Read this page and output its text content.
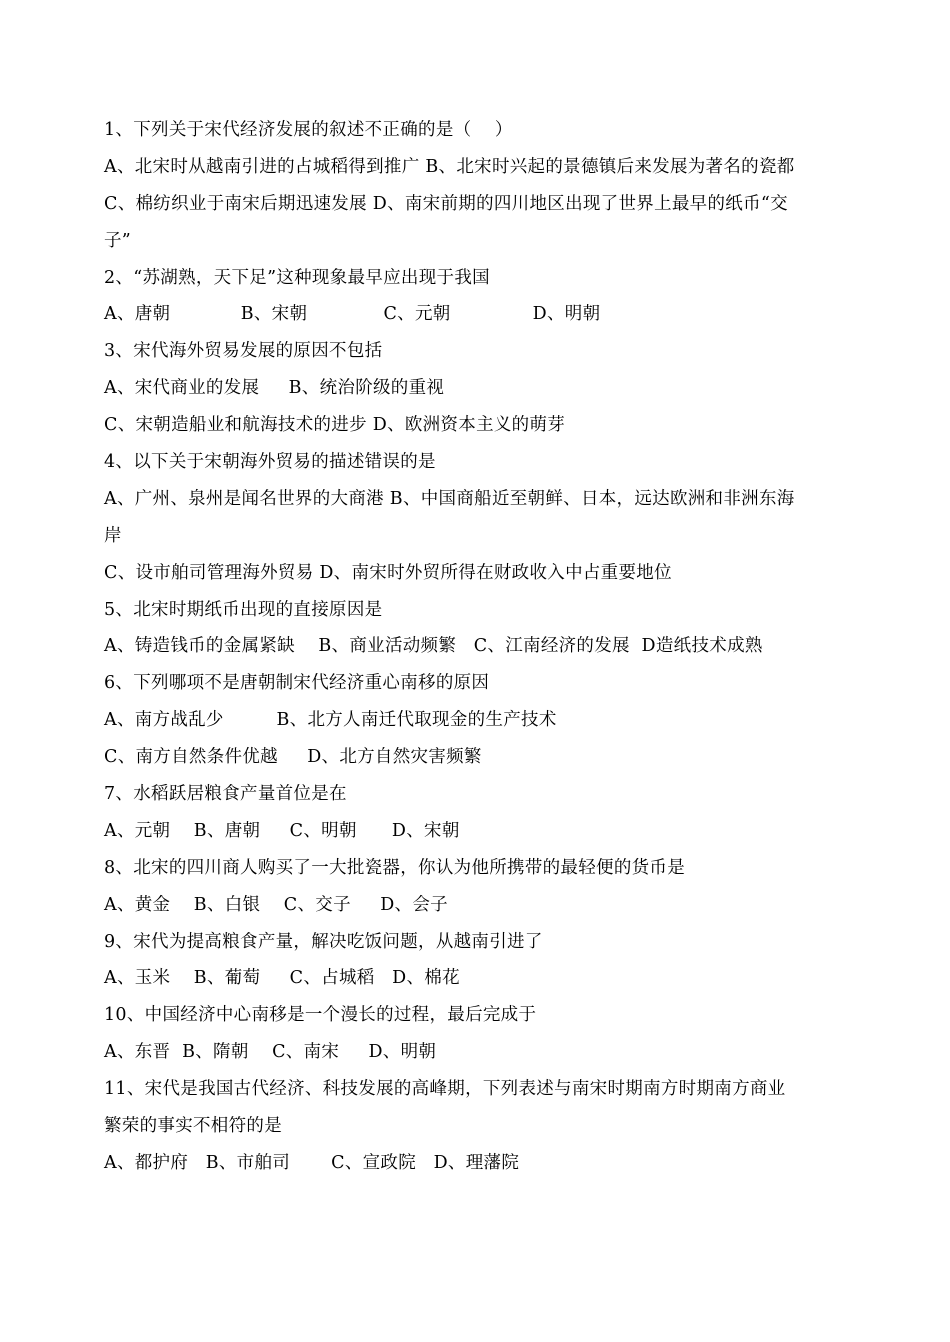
1、下列关于宋代经济发展的叙述不正确的是（    ）
A、北宋时从越南引进的占城稻得到推广 B、北宋时兴起的景德镇后来发展为著名的瓷都
C、棉纺织业于南宋后期迅速发展 D、南宋前期的四川地区出现了世界上最早的纸币“交
子”
2、“苏湖熟，天下足”这种现象最早应出现于我国
A、唐朝            B、宋朝             C、元朝              D、明朝
3、宋代海外贸易发展的原因不包括
A、宋代商业的发展     B、统治阶级的重视
C、宋朝造船业和航海技术的进步 D、欧洲资本主义的萌芽
4、以下关于宋朝海外贸易的描述错误的是
A、广州、泉州是闻名世界的大商港 B、中国商船近至朝鲜、日本，远达欧洲和非洲东海
岸
C、设市舶司管理海外贸易 D、南宋时外贸所得在财政收入中占重要地位
5、北宋时期纸币出现的直接原因是
A、铸造钱币的金属紧缺    B、商业活动频繁   C、江南经济的发展  D造纸技术成熟
6、下列哪项不是唐朝制宋代经济重心南移的原因
A、南方战乱少         B、北方人南迁代取现金的生产技术
C、南方自然条件优越     D、北方自然灾害频繁
7、水稻跃居粮食产量首位是在
A、元朝    B、唐朝     C、明朝      D、宋朝
8、北宋的四川商人购买了一大批瓷器，你认为他所携带的最轻便的货币是
A、黄金    B、白银    C、交子     D、会子
9、宋代为提高粮食产量，解决吃饭问题，从越南引进了
A、玉米    B、葡萄     C、占城稻   D、棉花
10、中国经济中心南移是一个漫长的过程，最后完成于
A、东晋  B、隋朝    C、南宋     D、明朝
11、宋代是我国古代经济、科技发展的高峰期，下列表述与南宋时期南方时期南方商业
繁荣的事实不相符的是
A、都护府   B、市舶司       C、宣政院   D、理藩院
